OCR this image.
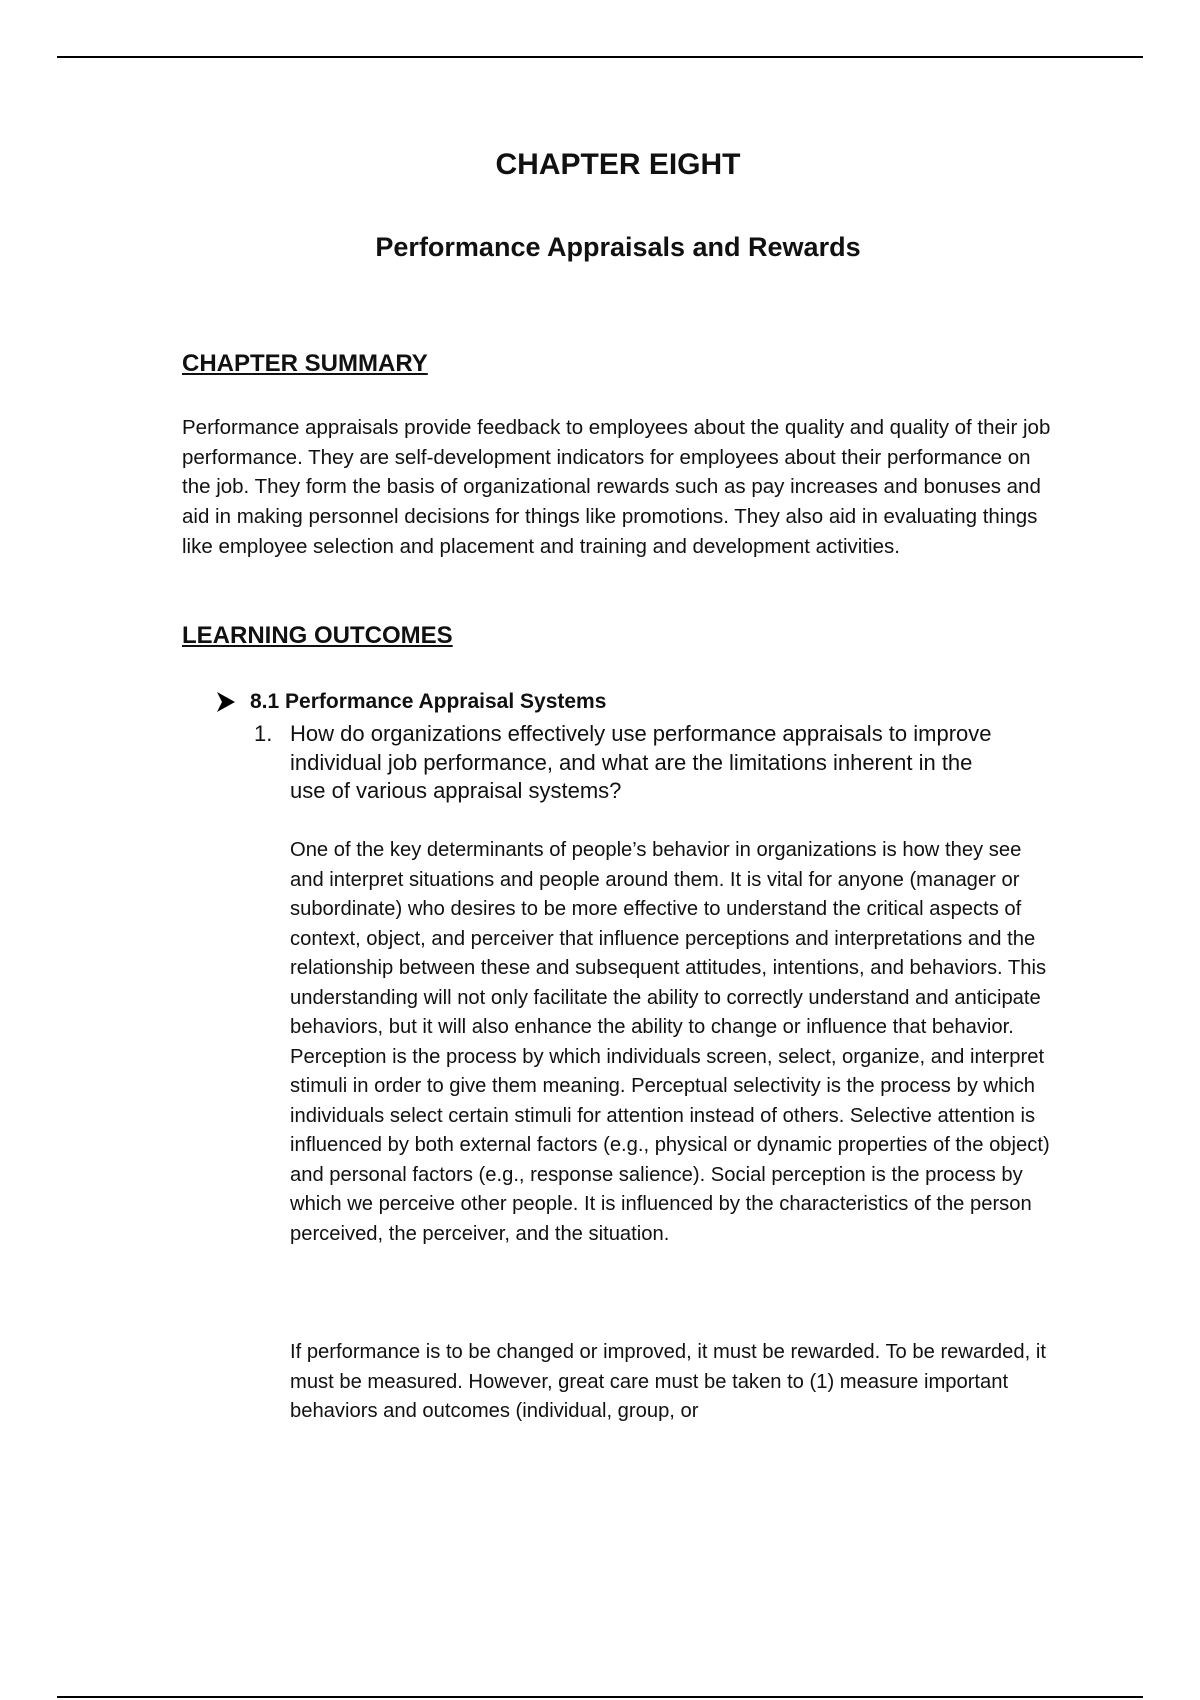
CHAPTER EIGHT
Performance Appraisals and Rewards
CHAPTER SUMMARY

Performance appraisals provide feedback to employees about the quality and quality of their job performance. They are self-development indicators for employees about their performance on the job. They form the basis of organizational rewards such as pay increases and bonuses and aid in making personnel decisions for things like promotions. They also aid in evaluating things like employee selection and placement and training and development activities.

LEARNING OUTCOMES
8.1 Performance Appraisal Systems
1. How do organizations effectively use performance appraisals to improve individual job performance, and what are the limitations inherent in the use of various appraisal systems?

One of the key determinants of people’s behavior in organizations is how they see and interpret situations and people around them. It is vital for anyone (manager or subordinate) who desires to be more effective to understand the critical aspects of context, object, and perceiver that influence perceptions and interpretations and the relationship between these and subsequent attitudes, intentions, and behaviors. This understanding will not only facilitate the ability to correctly understand and anticipate behaviors, but it will also enhance the ability to change or influence that behavior. Perception is the process by which individuals screen, select, organize, and interpret stimuli in order to give them meaning. Perceptual selectivity is the process by which individuals select certain stimuli for attention instead of others. Selective attention is influenced by both external factors (e.g., physical or dynamic properties of the object) and personal factors (e.g., response salience). Social perception is the process by which we perceive other people. It is influenced by the characteristics of the person perceived, the perceiver, and the situation.

If performance is to be changed or improved, it must be rewarded. To be rewarded, it must be measured. However, great care must be taken to (1) measure important behaviors and outcomes (individual, group, or
